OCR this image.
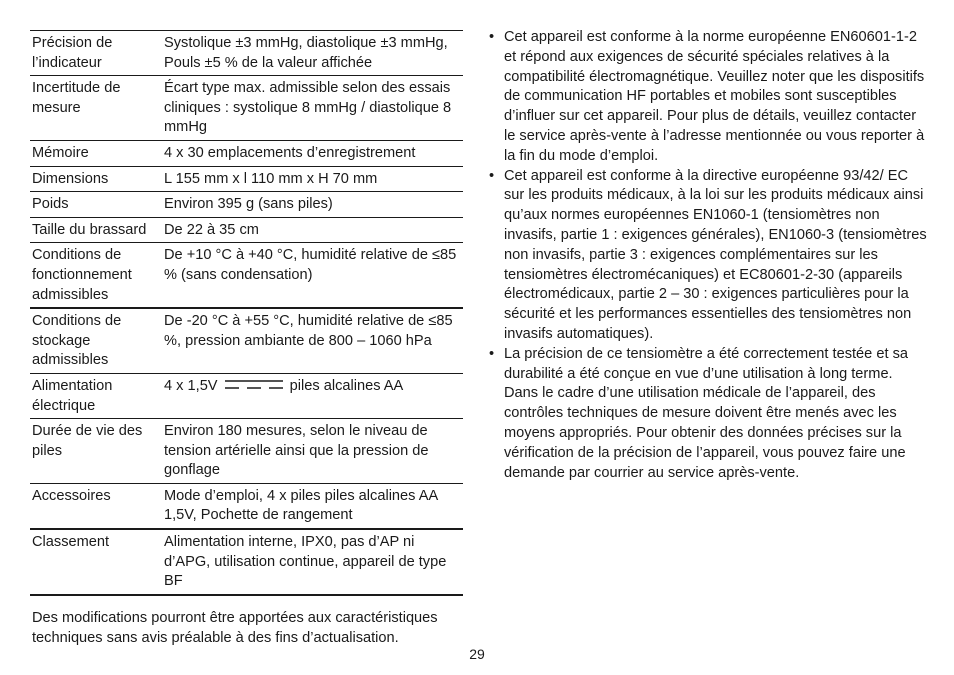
Précision de l’indicateur	Systolique ±3 mmHg, diastolique ±3 mmHg, Pouls ±5 % de la valeur affichée
Incertitude de mesure	Écart type max. admissible selon des essais cliniques : systolique 8 mmHg / diastolique 8 mmHg
Mémoire	4 x 30 emplacements d’enregistrement
Dimensions	L 155 mm x l 110 mm x H 70 mm
Poids	Environ 395 g (sans piles)
Taille du brassard	De 22 à 35 cm
Conditions de fonctionnement admissibles	De +10 °C à +40 °C, humidité relative de ≤85 % (sans condensation)
Conditions de stockage admissibles	De -20 °C à +55 °C, humidité relative de ≤85 %, pression ambiante de 800 – 1060 hPa
Alimentation électrique	4 x 1,5V piles alcalines AA
Durée de vie des piles	Environ 180 mesures, selon le niveau de tension artérielle ainsi que la pression de gonflage
Accessoires	Mode d’emploi, 4 x piles piles alcalines AA 1,5V, Pochette de rangement
Classement	Alimentation interne, IPX0, pas d’AP ni d’APG, utilisation continue, appareil de type BF
Des modifications pourront être apportées aux caractéristiques techniques sans avis préalable à des fins d’actualisation.
• Cet appareil est conforme à la norme européenne EN60601-1-2 et répond aux exigences de sécurité spéciales relatives à la compatibilité électromagnétique. Veuillez noter que les dispositifs de communication HF portables et mobiles sont susceptibles d’influer sur cet appareil. Pour plus de détails, veuillez contacter le service après-vente à l’adresse mentionnée ou vous reporter à la fin du mode d’emploi.
• Cet appareil est conforme à la directive européenne 93/42/ EC sur les produits médicaux, à la loi sur les produits médicaux ainsi qu’aux normes européennes EN1060-1 (tensiomètres non invasifs, partie 1 : exigences générales), EN1060-3 (tensiomètres non invasifs, partie 3 : exigences complémentaires sur les tensiomètres électromécaniques) et EC80601-2-30 (appareils électromédicaux, partie 2 – 30 : exigences particulières pour la sécurité et les performances essentielles des tensiomètres non invasifs automatiques).
• La précision de ce tensiomètre a été correctement testée et sa durabilité a été conçue en vue d’une utilisation à long terme. Dans le cadre d’une utilisation médicale de l’appareil, des contrôles techniques de mesure doivent être menés avec les moyens appropriés. Pour obtenir des données précises sur la vérification de la précision de l’appareil, vous pouvez faire une demande par courrier au service après-vente.
29
